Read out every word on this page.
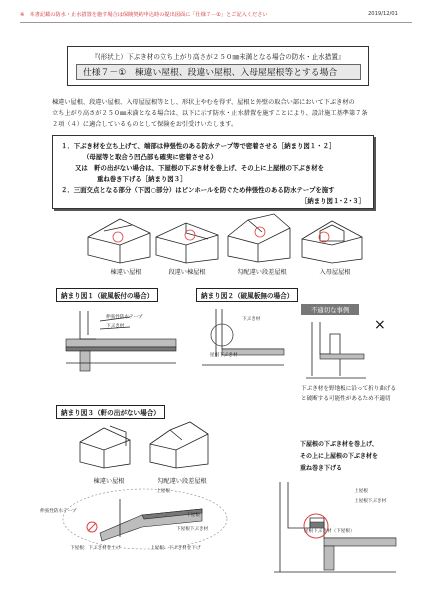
※　本書記載の防水・止水措置を施す場合は保険契約申込時の提出図面に「仕様７－①」とご記入ください	2019/12/01
『(形状上）下ぶき材の立ち上がり高さが２５０㎜未満となる場合の防水・止水措置』
仕様７－①　棟違い屋根、段違い屋根、入母屋屋根等とする場合
棟違い屋根、段違い屋根、入母屋屋根等とし、形状上やむを得ず、屋根と外壁の取合い部において下ぶき材の
立ち上がり高さが２５０㎜未満となる場合は、以下に示す防水・止水措置を施すことにより、設計施工基準第７条
２項（４）に適合しているものとして保険をお引受けいたします。
１．下ぶき材を立ち上げて、端部は伸張性のある防水テープ等で密着させる［納まり図１・２］
（母屋等と取合う凹凸部も確実に密着させる）
又は　軒の出がない場合は、下屋根の下ぶき材を巻上げ、その上に上屋根の下ぶき材を
重ね巻き下げる［納まり図３］
２．三面交点となる部分（下図○部分）はピンホールを防ぐため伸張性のある防水テープを施す
［納まり図１･２･３］
棟違い屋根	段違い棟屋根	勾配違い段差屋根	入母屋屋根
納まり図１（破風板付の場合）
伸張性防水テープ
下ぶき材
納まり図２（破風板無の場合）
下ぶき材
屋根下ぶき材
不適切な事例
×
下ぶき材を野地板に沿って折り曲げる
と破断する可能性があるため不適切
納まり図３（軒の出がない場合）
棟違い屋根	勾配違い段差屋根
上屋根
伸張性防水テープ
下屋根
下屋根下ぶき材
下屋根：下ぶき材巻上げ	上屋根：下ぶき材巻下げ
下屋根の下ぶき材を巻上げ、
その上に上屋根の下ぶき材を
重ね巻き下げる
上屋根
上屋根下ぶき材
屋根下ぶき材（下屋根）
